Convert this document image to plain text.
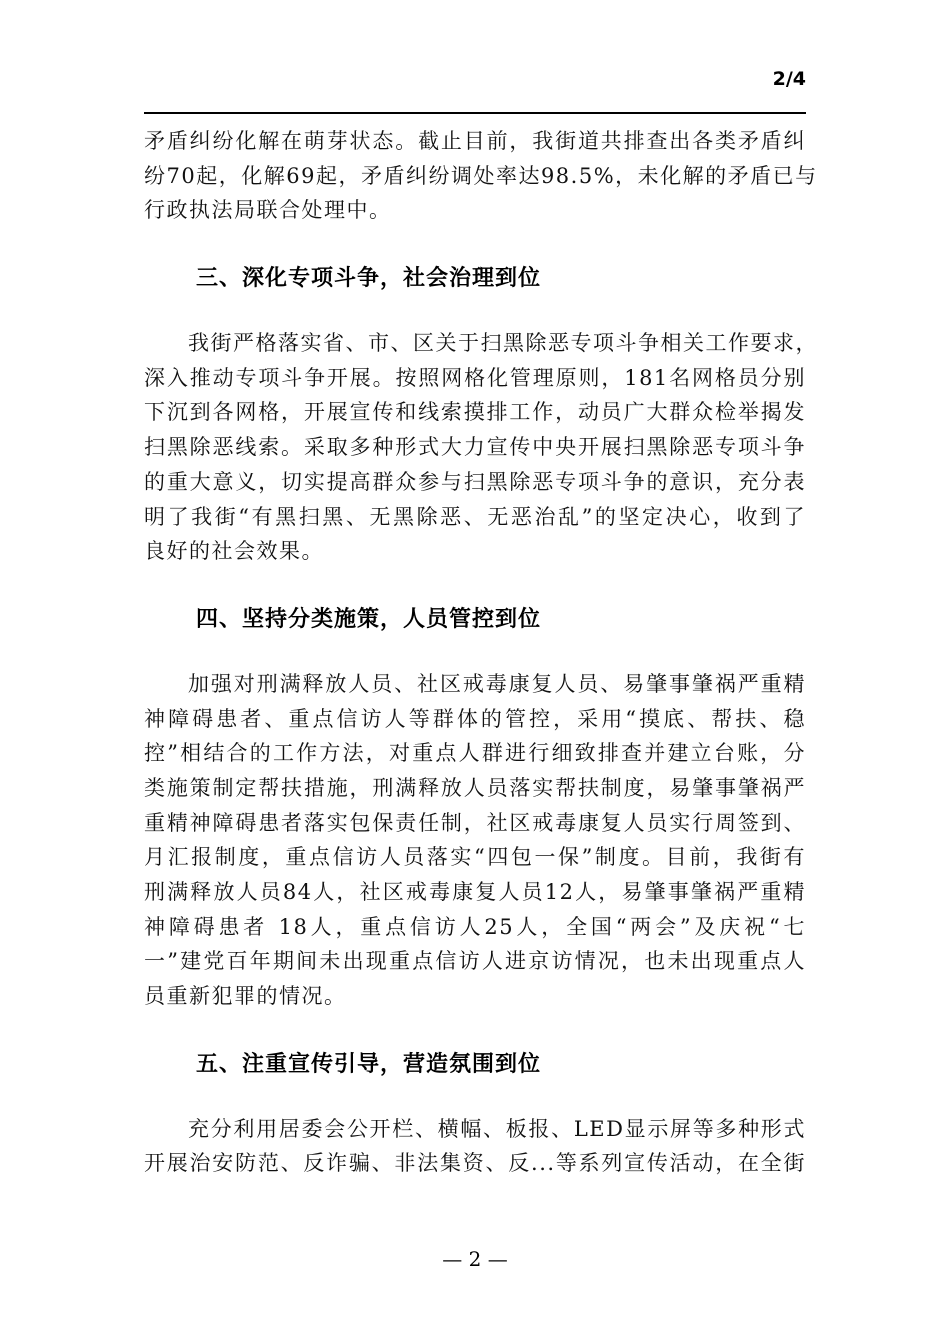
2/4
矛盾纠纷化解在萌芽状态。截止目前，我街道共排查出各类矛盾纠
纷70起，化解69起，矛盾纠纷调处率达98.5%，未化解的矛盾已与
行政执法局联合处理中。
三、深化专项斗争，社会治理到位
我街严格落实省、市、区关于扫黑除恶专项斗争相关工作要求，
深入推动专项斗争开展。按照网格化管理原则，181名网格员分别
下沉到各网格，开展宣传和线索摸排工作，动员广大群众检举揭发
扫黑除恶线索。采取多种形式大力宣传中央开展扫黑除恶专项斗争
的重大意义，切实提高群众参与扫黑除恶专项斗争的意识，充分表
明了我街“有黑扫黑、无黑除恶、无恶治乱”的坚定决心，收到了
良好的社会效果。
四、坚持分类施策，人员管控到位
加强对刑满释放人员、社区戒毒康复人员、易肇事肇祸严重精
神障碍患者、重点信访人等群体的管控，采用“摸底、帮扶、稳
控”相结合的工作方法，对重点人群进行细致排查并建立台账，分
类施策制定帮扶措施，刑满释放人员落实帮扶制度，易肇事肇祸严
重精神障碍患者落实包保责任制，社区戒毒康复人员实行周签到、
月汇报制度，重点信访人员落实“四包一保”制度。目前，我街有
刑满释放人员84人，社区戒毒康复人员12人，易肇事肇祸严重精
神障碍患者 18人，重点信访人25人，全国“两会”及庆祝“七
一”建党百年期间未出现重点信访人进京访情况，也未出现重点人
员重新犯罪的情况。
五、注重宣传引导，营造氛围到位
充分利用居委会公开栏、横幅、板报、LED显示屏等多种形式
开展治安防范、反诈骗、非法集资、反...等系列宣传活动，在全街
— 2 —
